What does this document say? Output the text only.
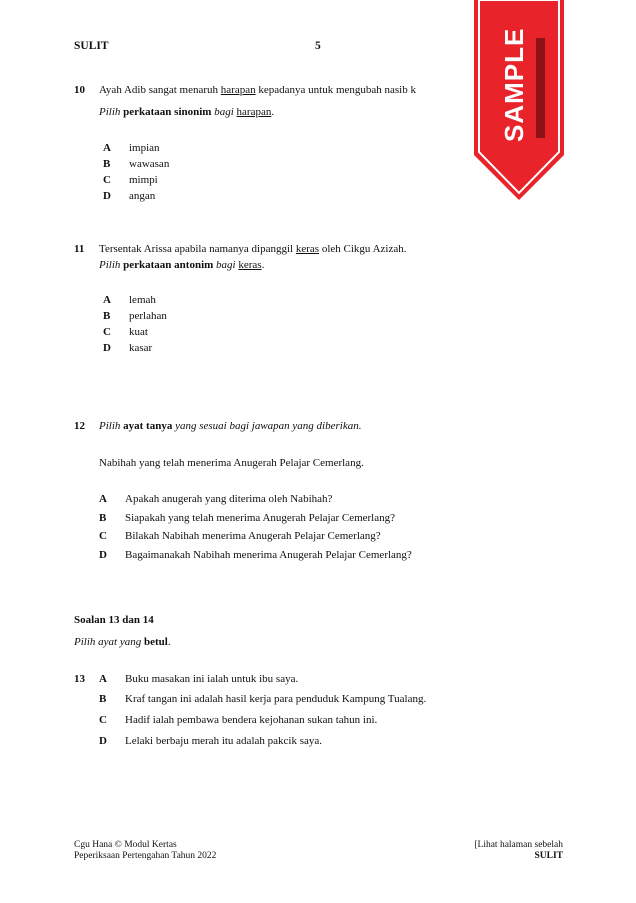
SULIT	5
10 Ayah Adib sangat menaruh harapan kepadanya untuk mengubah nasib k
Pilih perkataan sinonim bagi harapan.
A impian
B wawasan
C mimpi
D angan
11 Tersentak Arissa apabila namanya dipanggil keras oleh Cikgu Azizah.
Pilih perkataan antonim bagi keras.
A lemah
B perlahan
C kuat
D kasar
12 Pilih ayat tanya yang sesuai bagi jawapan yang diberikan.
Nabihah yang telah menerima Anugerah Pelajar Cemerlang.
A Apakah anugerah yang diterima oleh Nabihah?
B Siapakah yang telah menerima Anugerah Pelajar Cemerlang?
C Bilakah Nabihah menerima Anugerah Pelajar Cemerlang?
D Bagaimanakah Nabihah menerima Anugerah Pelajar Cemerlang?
Soalan 13 dan 14
Pilih ayat yang betul.
13 A Buku masakan ini ialah untuk ibu saya.
B Kraf tangan ini adalah hasil kerja para penduduk Kampung Tualang.
C Hadif ialah pembawa bendera kejohanan sukan tahun ini.
D Lelaki berbaju merah itu adalah pakcik saya.
Cgu Hana © Modul Kertas
Peperiksaan Pertengahan Tahun 2022
[Lihat halaman sebelah
SULIT
SAMPLE
